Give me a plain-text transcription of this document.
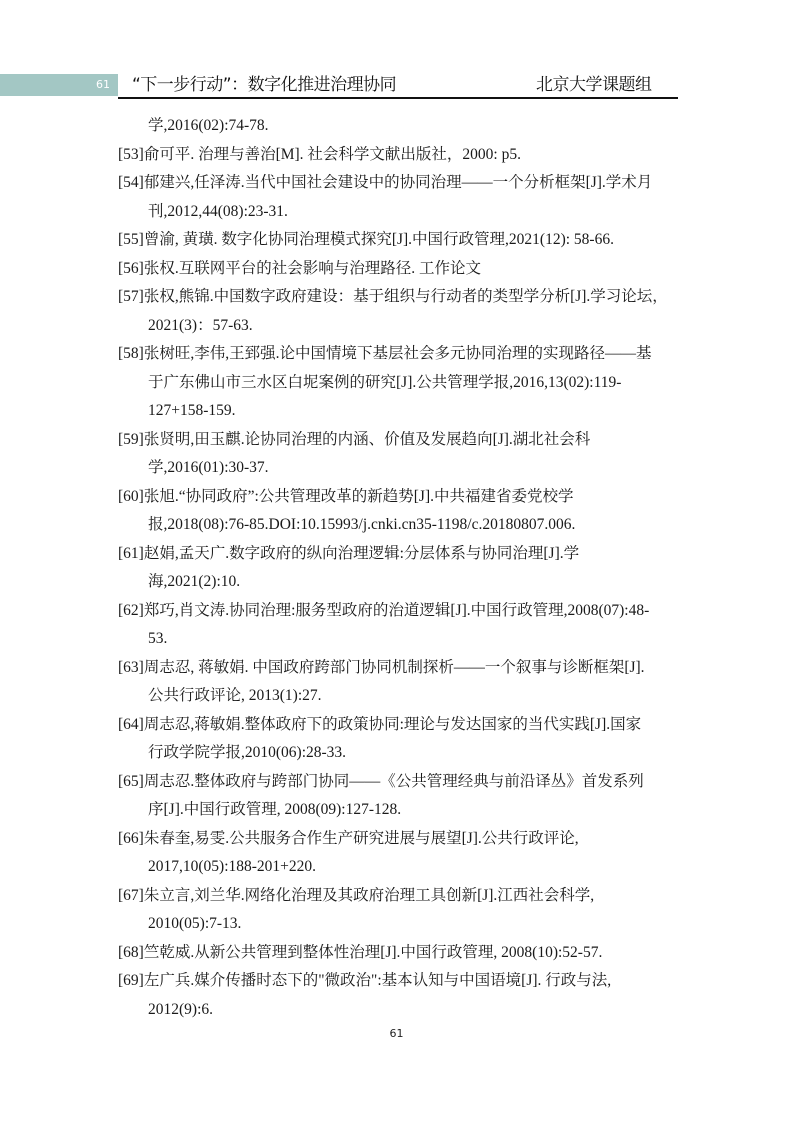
61 “下一步行动”：数字化推进治理协同	北京大学课题组
学,2016(02):74-78.
[53]俞可平. 治理与善治[M]. 社会科学文献出版社，2000: p5.
[54]郁建兴,任泽涛.当代中国社会建设中的协同治理——一个分析框架[J].学术月
刊,2012,44(08):23-31.
[55]曾渝, 黄璜. 数字化协同治理模式探究[J].中国行政管理,2021(12): 58-66.
[56]张权.互联网平台的社会影响与治理路径. 工作论文
[57]张权,熊锦.中国数字政府建设：基于组织与行动者的类型学分析[J].学习论坛，
2021(3)：57-63.
[58]张树旺,李伟,王郅强.论中国情境下基层社会多元协同治理的实现路径——基
于广东佛山市三水区白坭案例的研究[J].公共管理学报,2016,13(02):119-
127+158-159.
[59]张贤明,田玉麒.论协同治理的内涵、价值及发展趋向[J].湖北社会科
学,2016(01):30-37.
[60]张旭.“协同政府”:公共管理改革的新趋势[J].中共福建省委党校学
报,2018(08):76-85.DOI:10.15993/j.cnki.cn35-1198/c.20180807.006.
[61]赵娟,孟天广.数字政府的纵向治理逻辑:分层体系与协同治理[J].学
海,2021(2):10.
[62]郑巧,肖文涛.协同治理:服务型政府的治道逻辑[J].中国行政管理,2008(07):48-
53.
[63]周志忍, 蒋敏娟. 中国政府跨部门协同机制探析——一个叙事与诊断框架[J].
公共行政评论, 2013(1):27.
[64]周志忍,蒋敏娟.整体政府下的政策协同:理论与发达国家的当代实践[J].国家
行政学院学报,2010(06):28-33.
[65]周志忍.整体政府与跨部门协同——《公共管理经典与前沿译丛》首发系列
序[J].中国行政管理, 2008(09):127-128.
[66]朱春奎,易雯.公共服务合作生产研究进展与展望[J].公共行政评论,
2017,10(05):188-201+220.
[67]朱立言,刘兰华.网络化治理及其政府治理工具创新[J].江西社会科学,
2010(05):7-13.
[68]竺乾威.从新公共管理到整体性治理[J].中国行政管理, 2008(10):52-57.
[69]左广兵.媒介传播时态下的"微政治":基本认知与中国语境[J]. 行政与法,
2012(9):6.
61
